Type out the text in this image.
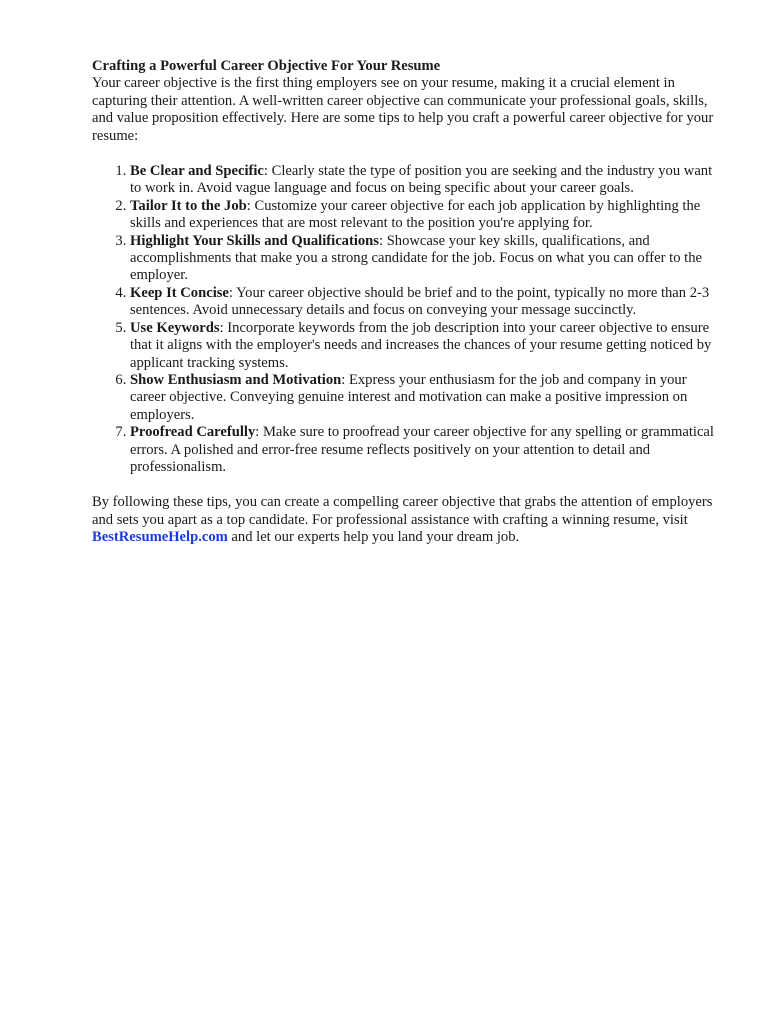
Crafting a Powerful Career Objective For Your Resume

Your career objective is the first thing employers see on your resume, making it a crucial element in capturing their attention. A well-written career objective can communicate your professional goals, skills, and value proposition effectively. Here are some tips to help you craft a powerful career objective for your resume:

1. Be Clear and Specific: Clearly state the type of position you are seeking and the industry you want to work in. Avoid vague language and focus on being specific about your career goals.
2. Tailor It to the Job: Customize your career objective for each job application by highlighting the skills and experiences that are most relevant to the position you're applying for.
3. Highlight Your Skills and Qualifications: Showcase your key skills, qualifications, and accomplishments that make you a strong candidate for the job. Focus on what you can offer to the employer.
4. Keep It Concise: Your career objective should be brief and to the point, typically no more than 2-3 sentences. Avoid unnecessary details and focus on conveying your message succinctly.
5. Use Keywords: Incorporate keywords from the job description into your career objective to ensure that it aligns with the employer's needs and increases the chances of your resume getting noticed by applicant tracking systems.
6. Show Enthusiasm and Motivation: Express your enthusiasm for the job and company in your career objective. Conveying genuine interest and motivation can make a positive impression on employers.
7. Proofread Carefully: Make sure to proofread your career objective for any spelling or grammatical errors. A polished and error-free resume reflects positively on your attention to detail and professionalism.

By following these tips, you can create a compelling career objective that grabs the attention of employers and sets you apart as a top candidate. For professional assistance with crafting a winning resume, visit BestResumeHelp.com and let our experts help you land your dream job.
